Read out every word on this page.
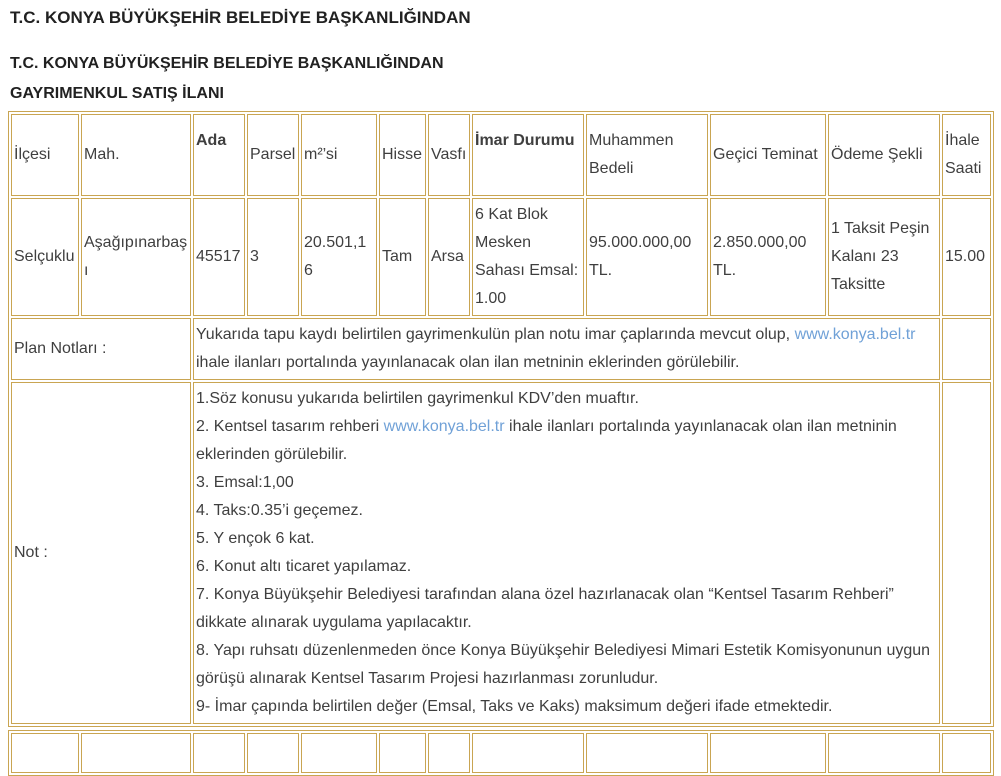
T.C. KONYA BÜYÜKŞEHİR BELEDİYE BAŞKANLIĞINDAN

T.C. KONYA BÜYÜKŞEHİR BELEDİYE BAŞKANLIĞINDAN
GAYRIMENKUL SATIŞ İLANI

İlçesi	Mah.	Ada	Parsel	m²’si	Hisse	Vasfı	İmar Durumu	Muhammen Bedeli	Geçici Teminat	Ödeme Şekli	İhale Saati
Selçuklu	Aşağıpınarbaşı	45517	3	20.501,16	Tam	Arsa	6 Kat Blok Mesken Sahası Emsal: 1.00	95.000.000,00 TL.	2.850.000,00 TL.	1 Taksit Peşin Kalanı 23 Taksitte	15.00
Plan Notları :		Yukarıda tapu kaydı belirtilen gayrimenkulün plan notu imar çaplarında mevcut olup, www.konya.bel.tr ihale ilanları portalında yayınlanacak olan ilan metninin eklerinden görülebilir.									
Not :	
1.Söz konusu yukarıda belirtilen gayrimenkul KDV’den muaftır.
2. Kentsel tasarım rehberi www.konya.bel.tr ihale ilanları portalında yayınlanacak olan ilan metninin eklerinden görülebilir.
3. Emsal:1,00
4. Taks:0.35’i geçemez.
5. Y ençok 6 kat.
6. Konut altı ticaret yapılamaz.
7. Konya Büyükşehir Belediyesi tarafından alana özel hazırlanacak olan “Kentsel Tasarım Rehberi” dikkate alınarak uygulama yapılacaktır.
8. Yapı ruhsatı düzenlenmeden önce Konya Büyükşehir Belediyesi Mimari Estetik Komisyonunun uygun görüşü alınarak Kentsel Tasarım Projesi hazırlanması zorunludur.
9- İmar çapında belirtilen değer (Emsal, Taks ve Kaks) maksimum değeri ifade etmektedir.
